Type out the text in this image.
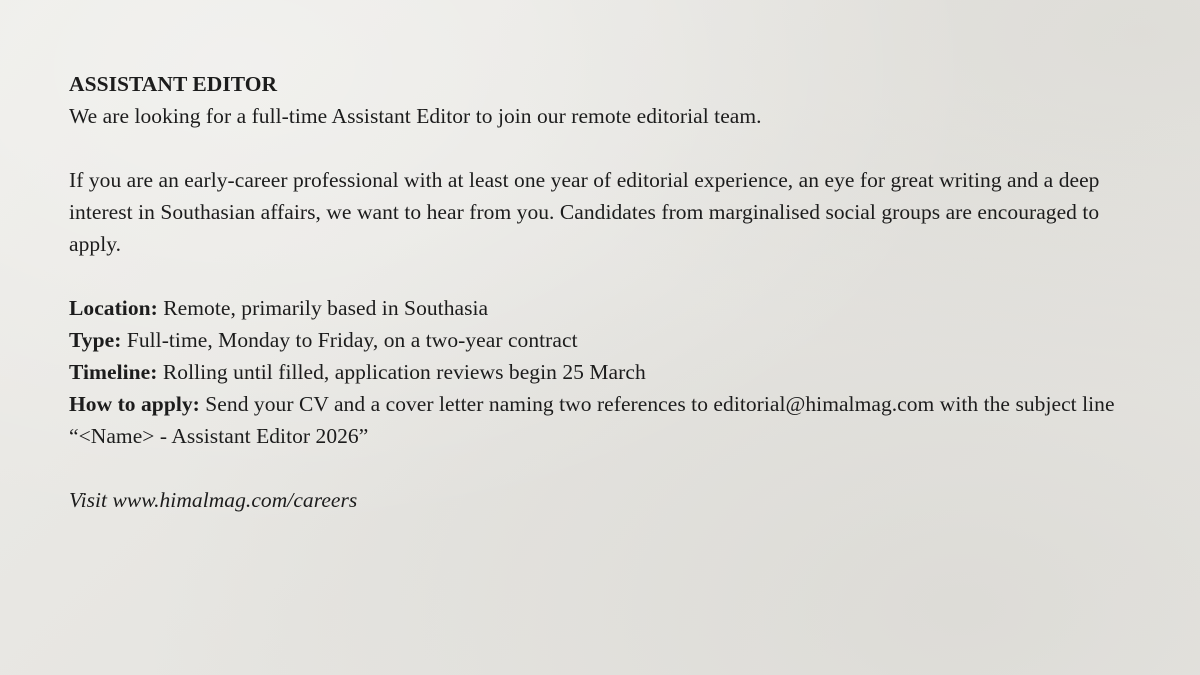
ASSISTANT EDITOR

We are looking for a full-time Assistant Editor to join our remote editorial team.

If you are an early-career professional with at least one year of editorial experience, an eye for great writing and a deep interest in Southasian affairs, we want to hear from you. Candidates from marginalised social groups are encouraged to apply.

Location: Remote, primarily based in Southasia

Type: Full-time, Monday to Friday, on a two-year contract

Timeline: Rolling until filled, application reviews begin 25 March

How to apply: Send your CV and a cover letter naming two references to editorial@himalmag.com with the subject line “<Name> - Assistant Editor 2026”

Visit www.himalmag.com/careers
